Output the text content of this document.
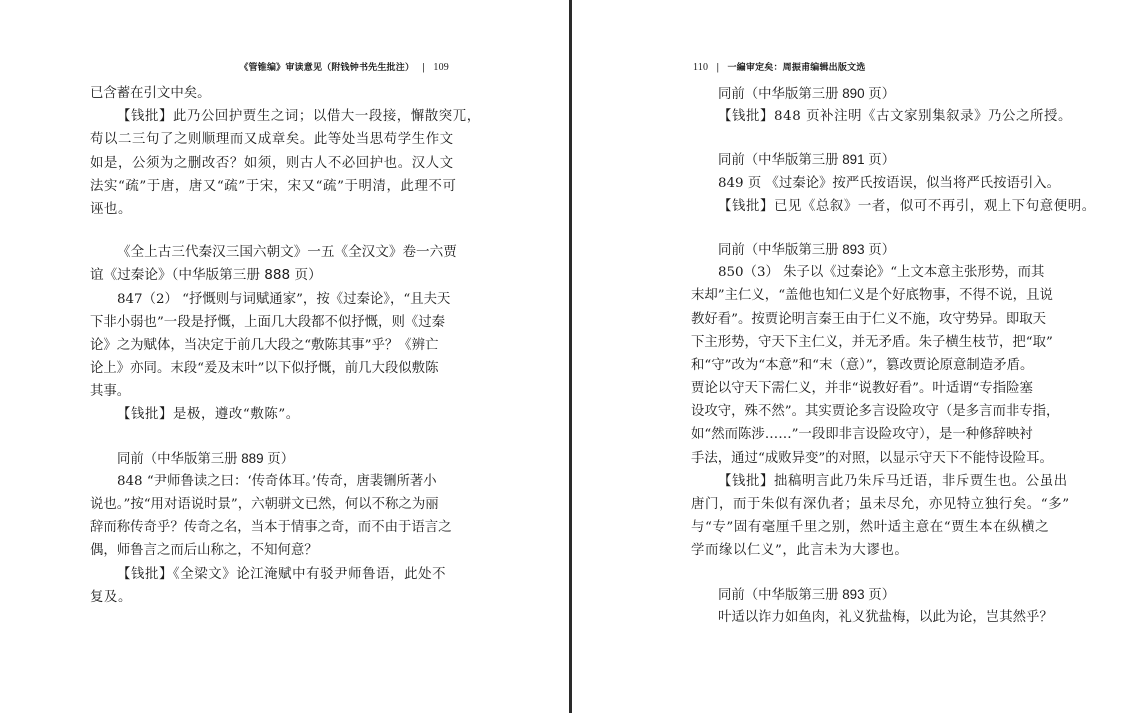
《管锥编》审读意见（附钱钟书先生批注） | 109
已含蓄在引文中矣。
【钱批】此乃公回护贾生之词；以借大一段接，懈散突兀，
苟以二三句了之则顺理而又成章矣。此等处当思苟学生作文
如是，公须为之删改否？如须，则古人不必回护也。汉人文
法实“疏”于唐，唐又“疏”于宋，宋又“疏”于明清，此理不可
诬也。
《全上古三代秦汉三国六朝文》一五《全汉文》卷一六贾
谊《过秦论》（中华版第三册 888 页）
847（2） “抒慨则与词赋通家”，按《过秦论》，“且夫天
下非小弱也”一段是抒慨，上面几大段都不似抒慨，则《过秦
论》之为赋体，当决定于前几大段之“敷陈其事”乎？《辨亡
论上》亦同。末段“爰及末叶”以下似抒慨，前几大段似敷陈
其事。
【钱批】是极，遵改“敷陈”。
同前（中华版第三册 889 页）
848 “尹师鲁读之曰：‘传奇体耳。’传奇，唐裴铏所著小
说也。”按“用对语说时景”，六朝骈文已然，何以不称之为丽
辞而称传奇乎？传奇之名，当本于情事之奇，而不由于语言之
偶，师鲁言之而后山称之，不知何意？
【钱批】《全梁文》论江淹赋中有驳尹师鲁语，此处不
复及。
110 | 一編审定矣：周振甫编辑出版文选
同前（中华版第三册 890 页）
【钱批】848 页补注明《古文家别集叙录》乃公之所授。
同前（中华版第三册 891 页）
849 页 《过秦论》按严氏按语误，似当将严氏按语引入。
【钱批】已见《总叙》一者，似可不再引，观上下句意便明。
同前（中华版第三册 893 页）
850（3） 朱子以《过秦论》“上文本意主张形势，而其
末却”主仁义，“盖他也知仁义是个好底物事，不得不说，且说
教好看”。按贾论明言秦王由于仁义不施，攻守势异。即取天
下主形势，守天下主仁义，并无矛盾。朱子横生枝节，把“取”
和“守”改为“本意”和“末（意）”，篡改贾论原意制造矛盾。
贾论以守天下需仁义，并非“说教好看”。叶适谓“专指险塞
设攻守，殊不然”。其实贾论多言设险攻守（是多言而非专指，
如“然而陈涉……”一段即非言设险攻守），是一种修辞映衬
手法，通过“成败异变”的对照，以显示守天下不能恃设险耳。
【钱批】拙稿明言此乃朱斥马迁语，非斥贾生也。公虽出
唐门，而于朱似有深仇者；虽未尽允，亦见特立独行矣。“多”
与“专”固有毫厘千里之别，然叶适主意在“贾生本在纵横之
学而缘以仁义”，此言未为大谬也。
同前（中华版第三册 893 页）
叶适以诈力如鱼肉，礼义犹盐梅，以此为论，岂其然乎？
